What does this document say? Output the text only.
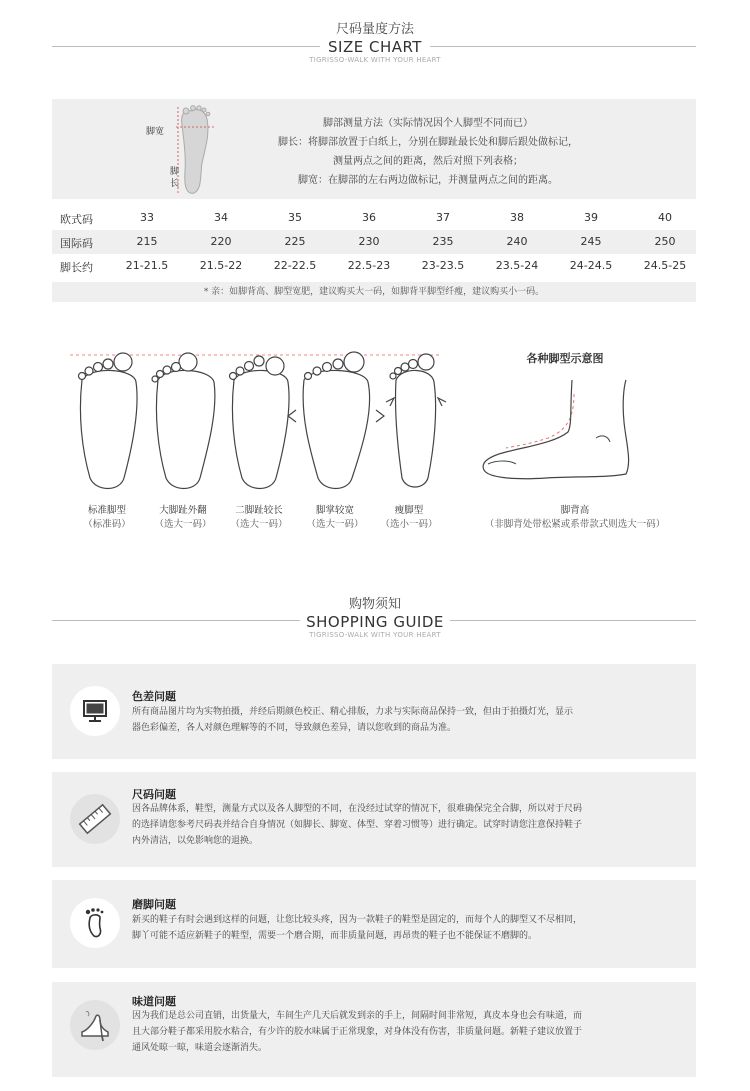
尺码量度方法
SIZE CHART
TIGRISSO-WALK WITH YOUR HEART
脚宽
脚长
脚部测量方法（实际情况因个人脚型不同而已）
脚长：将脚部放置于白纸上，分别在脚趾最长处和脚后跟处做标记，
测量两点之间的距离，然后对照下列表格；
脚宽：在脚部的左右两边做标记，并测量两点之间的距离。
欧式码	33	34	35	36	37	38	39	40
国际码	215	220	225	230	235	240	245	250
脚长约	21-21.5	21.5-22	22-22.5	22.5-23	23-23.5	23.5-24	24-24.5	24.5-25
* 亲：如脚背高、脚型宽肥，建议购买大一码，如脚背平脚型纤瘦，建议购买小一码。
标准脚型
（标准码）
大脚趾外翻
（选大一码）
二脚趾较长
（选大一码）
脚掌较宽
（选大一码）
瘦脚型
（选小一码）
各种脚型示意图
脚背高
（非脚背处带松紧或系带款式则选大一码）
购物须知
SHOPPING GUIDE
TIGRISSO-WALK WITH YOUR HEART
色差问题
所有商品图片均为实物拍摄，并经后期颜色校正、精心排版，力求与实际商品保持一致，但由于拍摄灯光，显示
器色彩偏差，各人对颜色理解等的不同，导致颜色差异，请以您收到的商品为准。
尺码问题
因各品牌体系，鞋型，测量方式以及各人脚型的不同，在没经过试穿的情况下，很难确保完全合脚，所以对于尺码
的选择请您参考尺码表并结合自身情况（如脚长、脚宽、体型、穿着习惯等）进行确定。试穿时请您注意保持鞋子
内外清洁，以免影响您的退换。
磨脚问题
新买的鞋子有时会遇到这样的问题，让您比较头疼，因为一款鞋子的鞋型是固定的，而每个人的脚型又不尽相同，
脚丫可能不适应新鞋子的鞋型，需要一个磨合期，而非质量问题，再昂贵的鞋子也不能保证不磨脚的。
味道问题
因为我们是总公司直销，出货量大，车间生产几天后就发到亲的手上，间隔时间非常短，真皮本身也会有味道，而
且大部分鞋子都采用胶水粘合，有少许的胶水味属于正常现象，对身体没有伤害，非质量问题。新鞋子建议放置于
通风处晾一晾，味道会逐渐消失。
